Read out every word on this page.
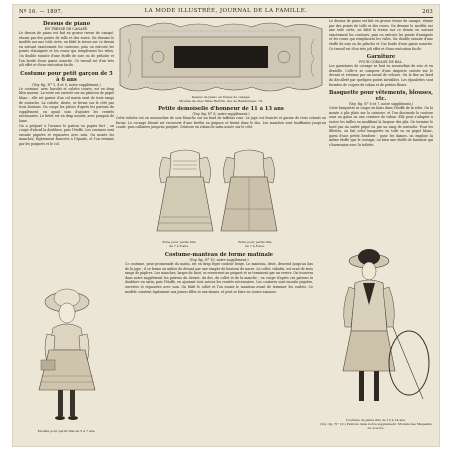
Nº 16. — 1897.	LA MODE ILLUSTRÉE, JOURNAL DE LA FAMILLE.	263

Dessus de piano

EN TRESSE DE CANAPÉ.

Le dessus de piano est fait en grosse tresse de canapé, réunie par des points de tulle et des roues. On dessine le modèle sur une toile cirée, on bâtit la tresse sur ce dessin en suivant exactement les contours, puis on exécute les points d'araignée et les roues qui remplissent les vides. On double ensuite d'une étoffe de soie ou de peluche et l'on borde d'une ganse assortie. Ce travail est d'un très joli effet et d'une exécution facile.

Costume pour petit garçon de 5 à 6 ans

(Voy. fig. N° 1, 4 et 5, notre supplément.)

Le costume, avec bavolet et culotte courte, est en drap bleu marine. La veste est ouverte sur un plastron de piqué blanc ; elle est garnie d'un col marin orné de trois rangs de soutache. La culotte, droite, se ferme sur le côté par trois boutons. On coupe les pièces d'après les patrons du supplément, en ayant soin d'ajouter les rentrés nécessaires. Le béret est en drap assorti, avec pompon de laine.

On a préparé à l'avance le patron en papier fort ; on coupe d'abord la doublure, puis l'étoffe. Les coutures sont ensuite piquées et repassées avec soin. On monte les manches, légèrement froncées à l'épaule, et l'on termine par les poignets et le col.

Modèle pour petite fille de 5 à 7 ans.
Dessus de piano en tresse de canapé.
Modèle de chez Mme Bertrin, rue de Rambuteau, 74.

Le dessus de piano est fait en grosse tresse de canapé, réunie par des points de tulle et des roues. On dessine le modèle sur une toile cirée, on bâtit la tresse sur ce dessin en suivant exactement les contours, puis on exécute les points d'araignée et les roues qui remplissent les vides. On double ensuite d'une étoffe de soie ou de peluche et l'on borde d'une ganse assortie. Ce travail est d'un très joli effet et d'une exécution facile.

Garniture

POUR CORSAGE DE BAL.

Les garnitures de corsage se font en mousseline de soie et en dentelle. Celle-ci se compose d'une draperie croisée sur le devant et retenue par un nœud de velours. On la fixe au bord du décolleté par quelques points invisibles. Les épaulettes sont formées de coques de ruban et de petites fleurs.

Basquette pour vêtements, blouses, etc.

(Voy. fig. N° 6 et 7, notre supplément.)

Cette basquette se coupe en biais dans l'étoffe de la robe. On la monte à plis plats sur la ceinture, et l'on dissimule la couture sous un galon ou une ceinture de ruban. Elle peut s'adapter à toutes les tailles en modifiant la largeur des plis. On termine le bord par un ourlet piqué ou par un rang de soutache. Pour les fillettes, on fait cette basquette en toile ou en piqué blanc, garni d'une petite broderie ; pour les dames, on emploie la même étoffe que le corsage, ou bien une étoffe de fantaisie qui s'harmonise avec la toilette.

Petite demoiselle d'honneur de 11 à 13 ans

(Voy. fig. N° 8, notre supplément.)

Cette toilette est en mousseline de soie blanche sur un fond de taffetas rose. La jupe est froncée et garnie de trois volants en forme. Le corsage blousé est recouvert d'une berthe en guipure et fermé dans le dos. Les manches sont bouffantes jusqu'au coude, puis collantes jusqu'au poignet. Ceinture en ruban de satin nouée sur le côté.

Robe pour petite fille
de 7 à 8 ans.
Robe pour petite fille
de 7 à 8 ans.

Costume-manteau de forme matinale

(Voy. fig. N° 10, notre supplément.)

Ce costume, pour promenade du matin, est en drap léger couleur beige. Le manteau, droit, descend jusqu'au bas de la jupe ; il se ferme au milieu du devant par une rangée de boutons de nacre. Le collet, rabattu, est orné de trois rangs de piqûres. Les manches, larges du haut, se resserrent au poignet et se terminent par un revers. On trouvera dans notre supplément les patrons du devant, du dos, du collet et de la manche ; on coupe d'après ces patrons la doublure en satin, puis l'étoffe, en ajoutant tout autour les rentrés nécessaires. Les coutures sont ensuite piquées, ouvertes et repassées avec soin. On bâtit le collet et l'on essaie le manteau avant de terminer les ourlets. Ce modèle convient également aux jeunes filles et aux dames, et peut se faire en toutes nuances.

Costume de jeune fille de 12 à 14 ans.
(Voy. fig. N° 12.) Patrons dans notre supplément. Modèle des Magasins du Louvre.
